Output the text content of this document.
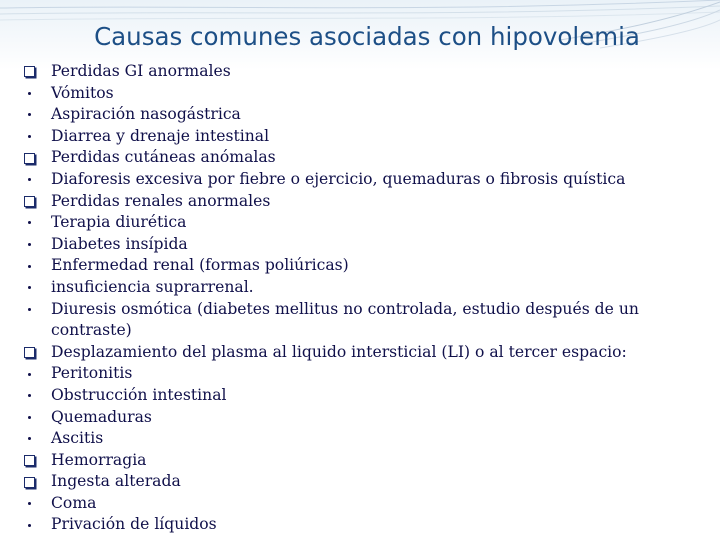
Causas comunes asociadas con hipovolemia
Perdidas GI anormales
Vómitos
Aspiración nasogástrica
Diarrea y drenaje intestinal
Perdidas cutáneas anómalas
Diaforesis excesiva por fiebre o ejercicio, quemaduras o fibrosis quística
Perdidas renales anormales
Terapia diurética
Diabetes insípida
Enfermedad renal (formas poliúricas)
insuficiencia suprarrenal.
Diuresis osmótica (diabetes mellitus no controlada, estudio después de un contraste)
Desplazamiento del plasma al liquido intersticial (LI) o al tercer espacio:
Peritonitis
Obstrucción intestinal
Quemaduras
Ascitis
Hemorragia
Ingesta alterada
Coma
Privación de líquidos
